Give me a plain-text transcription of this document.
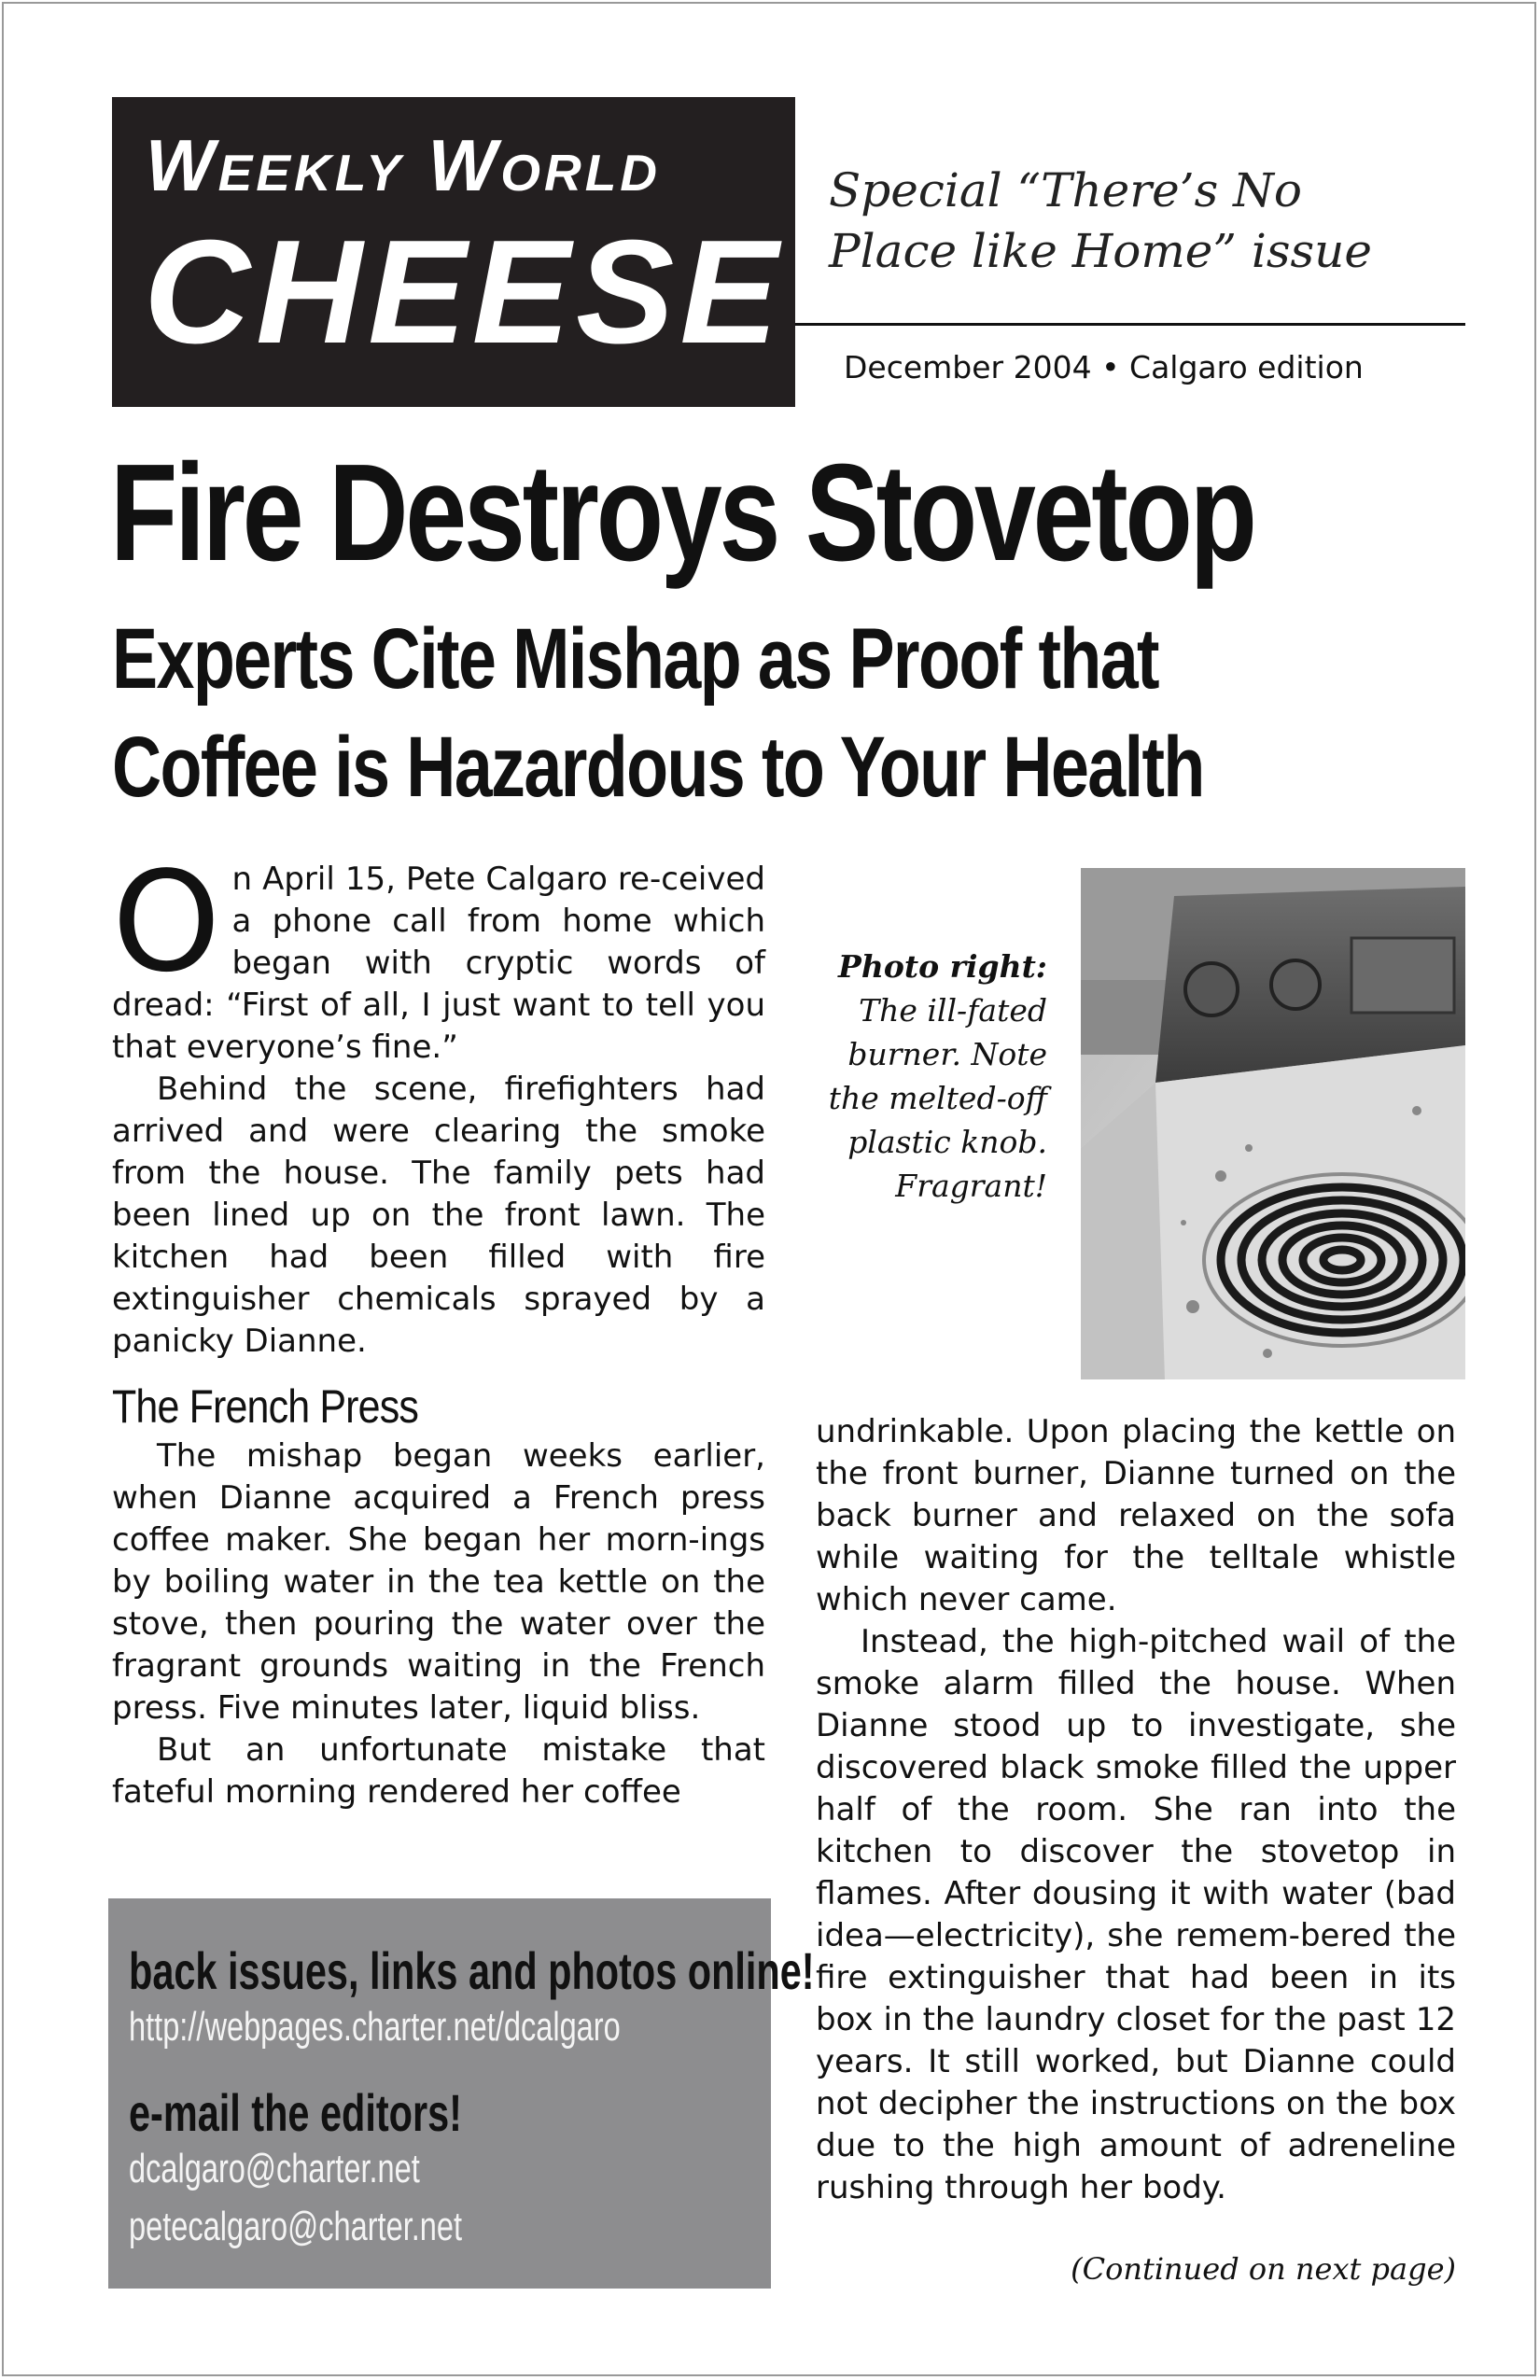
Weekly World
CHEESE
Special “There’s No
Place like Home” issue
December 2004 • Calgaro edition
Fire Destroys Stovetop
Experts Cite Mishap as Proof that
Coffee is Hazardous to Your Health

On April 15, Pete Calgaro re-ceived a phone call from home which began with cryptic words of dread: “First of all, I just want to tell you that everyone’s fine.”

Behind the scene, firefighters had arrived and were clearing the smoke from the house. The family pets had been lined up on the front lawn. The kitchen had been filled with fire extinguisher chemicals sprayed by a panicky Dianne.

The French Press

The mishap began weeks earlier, when Dianne acquired a French press coffee maker. She began her morn-ings by boiling water in the tea kettle on the stove, then pouring the water over the fragrant grounds waiting in the French press. Five minutes later, liquid bliss.

But an unfortunate mistake that fateful morning rendered her coffee

Photo right:
The ill-fated burner. Note the melted-off plastic knob. Fragrant!

undrinkable. Upon placing the kettle on the front burner, Dianne turned on the back burner and relaxed on the sofa while waiting for the telltale whistle which never came.

Instead, the high-pitched wail of the smoke alarm filled the house. When Dianne stood up to investigate, she discovered black smoke filled the upper half of the room. She ran into the kitchen to discover the stovetop in flames. After dousing it with water (bad idea—electricity), she remem-bered the fire extinguisher that had been in its box in the laundry closet for the past 12 years. It still worked, but Dianne could not decipher the instructions on the box due to the high amount of adreneline rushing through her body.

(Continued on next page)
back issues, links and photos online!
http://webpages.charter.net/dcalgaro
e-mail the editors!
dcalgaro@charter.net
petecalgaro@charter.net
